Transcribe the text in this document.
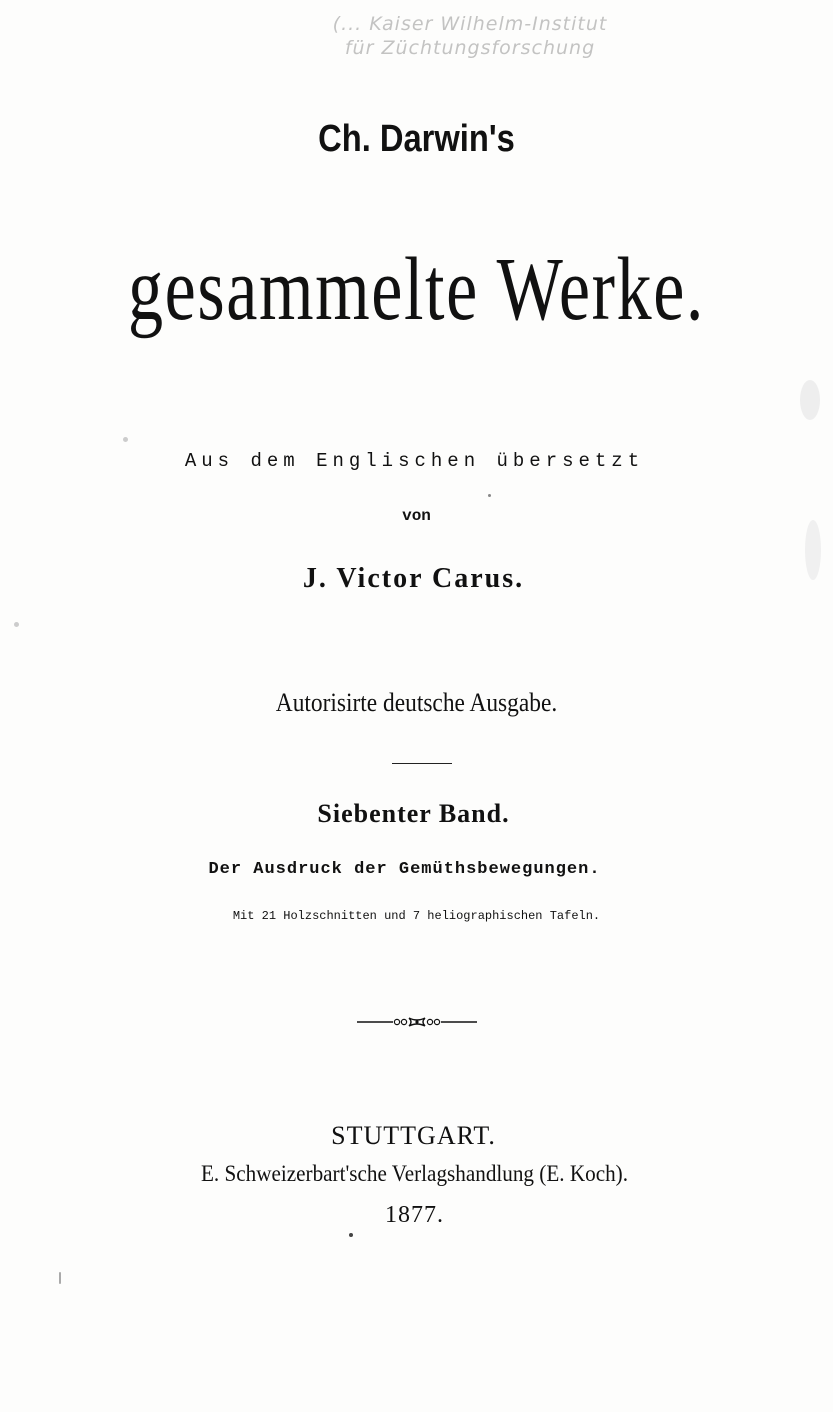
(... Kaiser Wilhelm-Institut
für Züchtungsforschung
Ch. Darwin's
gesammelte Werke.
Aus dem Englischen übersetzt
von
J. Victor Carus.
Autorisirte deutsche Ausgabe.
Siebenter Band.
Der Ausdruck der Gemüthsbewegungen.
Mit 21 Holzschnitten und 7 heliographischen Tafeln.
STUTTGART.
E. Schweizerbart'sche Verlagshandlung (E. Koch).
1877.
